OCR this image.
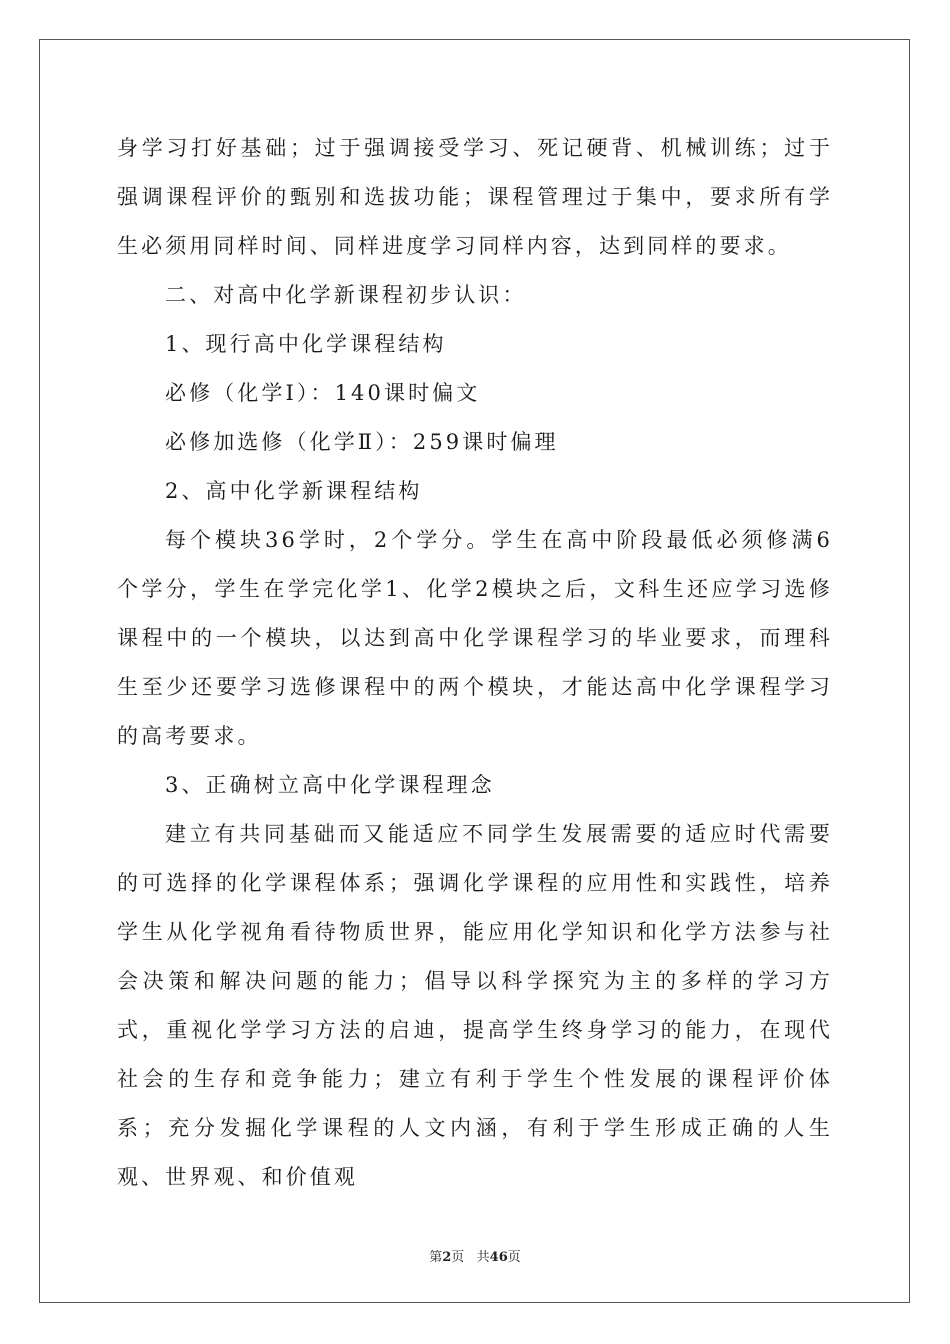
身学习打好基础；过于强调接受学习、死记硬背、机械训练；过于强调课程评价的甄别和选拔功能；课程管理过于集中，要求所有学生必须用同样时间、同样进度学习同样内容，达到同样的要求。

二、对高中化学新课程初步认识：

1、现行高中化学课程结构

必修（化学Ⅰ）：140课时偏文

必修加选修（化学Ⅱ）：259课时偏理

2、高中化学新课程结构

每个模块36学时，2个学分。学生在高中阶段最低必须修满6个学分，学生在学完化学1、化学2模块之后，文科生还应学习选修课程中的一个模块，以达到高中化学课程学习的毕业要求，而理科生至少还要学习选修课程中的两个模块，才能达高中化学课程学习的高考要求。

3、正确树立高中化学课程理念

建立有共同基础而又能适应不同学生发展需要的适应时代需要的可选择的化学课程体系；强调化学课程的应用性和实践性，培养学生从化学视角看待物质世界，能应用化学知识和化学方法参与社会决策和解决问题的能力；倡导以科学探究为主的多样的学习方式，重视化学学习方法的启迪，提高学生终身学习的能力，在现代社会的生存和竞争能力；建立有利于学生个性发展的课程评价体系；充分发掘化学课程的人文内涵，有利于学生形成正确的人生观、世界观、和价值观

第2页   共46页
